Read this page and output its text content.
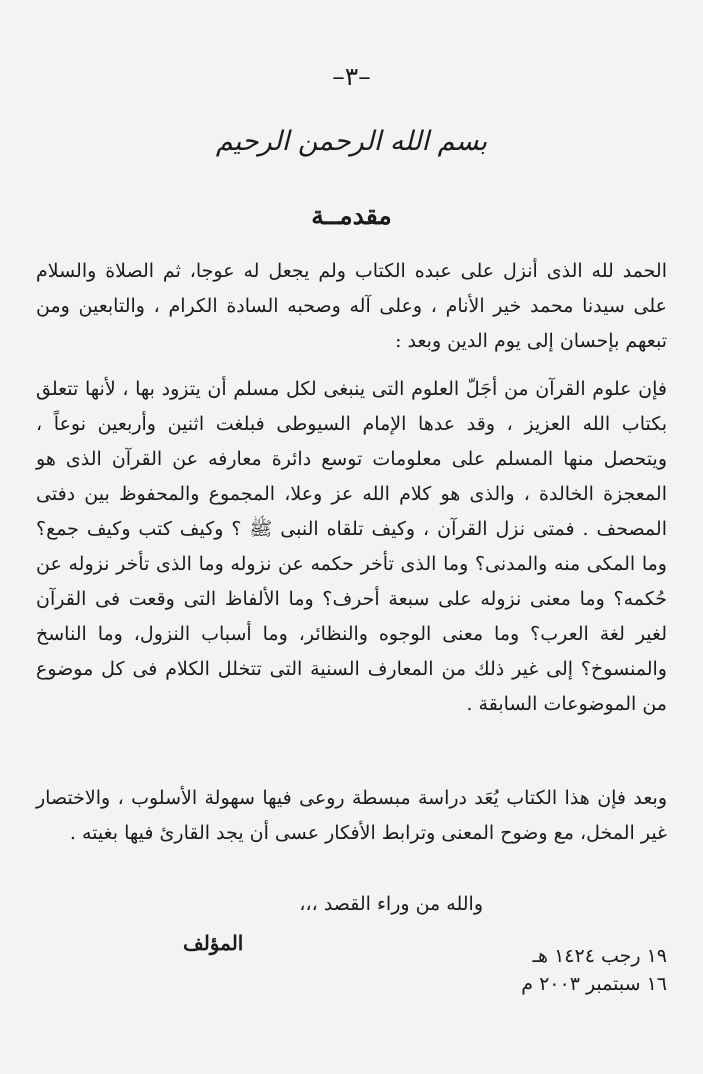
–٣–
بسم الله الرحمن الرحيم
مقدمــة

الحمد لله الذى أنزل على عبده الكتاب ولم يجعل له عوجا، ثم الصلاة والسلام على سيدنا محمد خير الأنام ، وعلى آله وصحبه السادة الكرام ، والتابعين ومن تبعهم بإحسان إلى يوم الدين وبعد :

فإن علوم القرآن من أجَلّ العلوم التى ينبغى لكل مسلم أن يتزود بها ، لأنها تتعلق بكتاب الله العزيز ، وقد عدها الإمام السيوطى فبلغت اثنين وأربعين نوعاً ، ويتحصل منها المسلم على معلومات توسع دائرة معارفه عن القرآن الذى هو المعجزة الخالدة ، والذى هو كلام الله عز وعلا، المجموع والمحفوظ بين دفتى المصحف . فمتى نزل القرآن ، وكيف تلقاه النبى ﷺ ؟ وكيف كتب وكيف جمع؟ وما المكى منه والمدنى؟ وما الذى تأخر حكمه عن نزوله وما الذى تأخر نزوله عن حُكمه؟ وما معنى نزوله على سبعة أحرف؟ وما الألفاظ التى وقعت فى القرآن لغير لغة العرب؟ وما معنى الوجوه والنظائر، وما أسباب النزول، وما الناسخ والمنسوخ؟ إلى غير ذلك من المعارف السنية التى تتخلل الكلام فى كل موضوع من الموضوعات السابقة .

وبعد فإن هذا الكتاب يُعَد دراسة مبسطة روعى فيها سهولة الأسلوب ، والاختصار غير المخل، مع وضوح المعنى وترابط الأفكار عسى أن يجد القارئ فيها بغيته .

والله من وراء القصد ،،،
المؤلف
١٩ رجب ١٤٢٤ هـ
١٦ سبتمبر ٢٠٠٣ م
